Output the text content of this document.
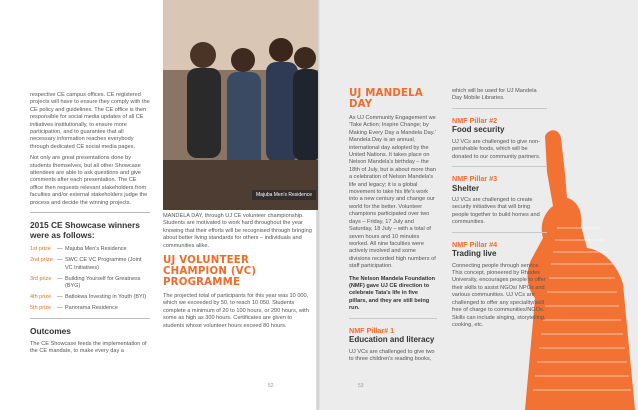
respective CE campus offices. CE registered projects will have to ensure they comply with the CE policy and guidelines. The CE office is then responsible for social media updates of all CE initiatives institutionally, to ensure more participation, and to guarantee that all necessary information reaches everybody through dedicated CE social media pages.

Not only are great presentations done by students themselves, but all other Showcase attendees are able to ask questions and give comments after each presentation. The CE office then requests relevant stakeholders from faculties and/or external stakeholders judge the process and decide the winning projects.

2015 CE Showcase winners were as follows:
1st prize	— Majuba Men's Residence
2nd prize — SWC CE VC Programme (Joint VC Initiatives)
3rd prize	— Building Yourself for Greatness (BYG)
4th prize	— Batlokwa Investing in Youth (BYI)
5th prize	— Panorama Residence
Outcomes

The CE Showcase feeds the implementation of the CE mandate, to make every day a

Majuba Men's Residence

MANDELA DAY, through UJ CE volunteer championship. Students are motivated to work hard throughout the year knowing that their efforts will be recognised through bringing about better living standards for others – individuals and communities alike.

UJ VOLUNTEER CHAMPION (VC) PROGRAMME

The projected total of participants for this year was 10 000, which we exceeded by 50, to reach 10 050. Students complete a minimum of 20 to 100 hours, or 200 hours, with some as high as 300 hours. Certificates are given to students whose volunteer hours exceed 80 hours.

52
UJ MANDELA DAY

As UJ Community Engagement we 'Take Action; Inspire Change; by Making Every Day a Mandela Day.' Mandela Day is an annual, international day adopted by the United Nations. It takes place on Nelson Mandela's birthday – the 18th of July, but is about more than a celebration of Nelson Mandela's life and legacy; it is a global movement to take his life's work into a new century and change our world for the better. Volunteer champions participated over two days – Friday, 17 July and Saturday, 18 July – with a total of seven hours and 10 minutes worked. All nine faculties were actively involved and some divisions recorded high numbers of staff participation.

The Nelson Mandela Foundation (NMF) gave UJ CE direction to celebrate Tata's life in five pillars, and they are still being run.

NMF Pillar# 1
Education and literacy

UJ VCs are challenged to give two to three children's reading books,

53

which will be used for UJ Mandela Day Mobile Libraries.

NMF Pillar #2
Food security

UJ VCs are challenged to give non-perishable foods, which will be donated to our community partners.

NMF Pillar #3
Shelter

UJ VCs are challenged to create security initiatives that will bring people together to build homes and communities.

NMF Pillar #4
Trading live

Connecting people through service. This concept, pioneered by Rhodes University, encourages people to offer their skills to assist NGOs/ NPOs and various communities. UJ VCs are challenged to offer any speciality/skill free of charge to communities/NGOs. Skills can include singing, storytelling, cooking, etc.
